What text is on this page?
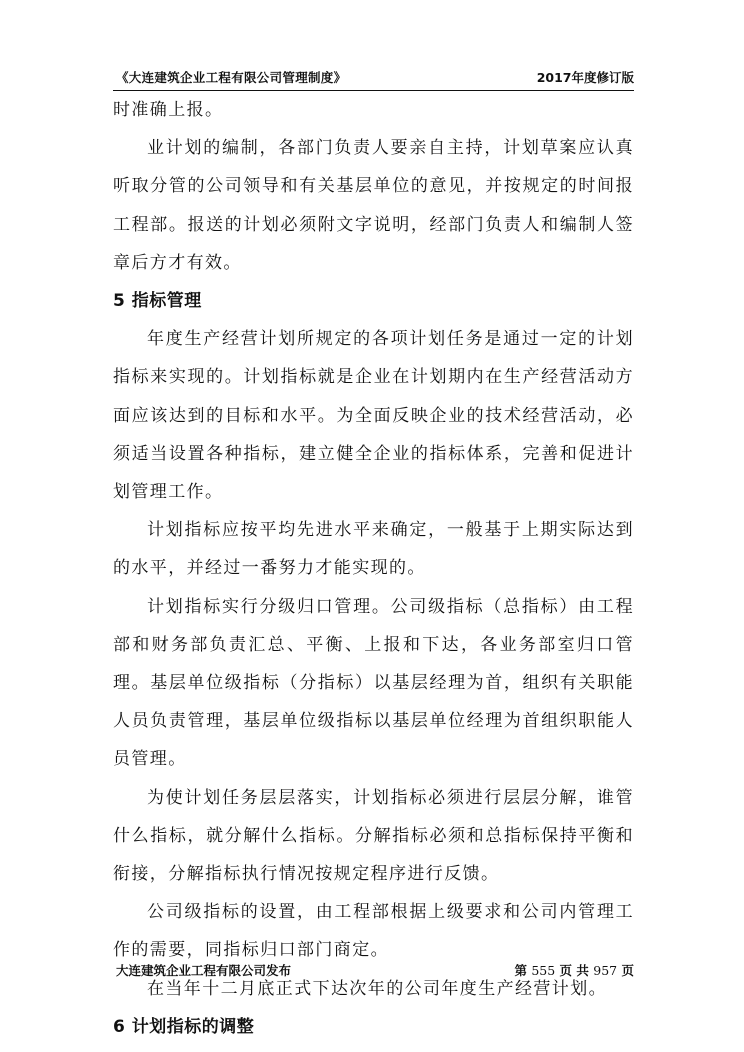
《大连建筑企业工程有限公司管理制度》	2017年度修订版

时准确上报。

业计划的编制，各部门负责人要亲自主持，计划草案应认真听取分管的公司领导和有关基层单位的意见，并按规定的时间报工程部。报送的计划必须附文字说明，经部门负责人和编制人签章后方才有效。

5 指标管理

年度生产经营计划所规定的各项计划任务是通过一定的计划指标来实现的。计划指标就是企业在计划期内在生产经营活动方面应该达到的目标和水平。为全面反映企业的技术经营活动，必须适当设置各种指标，建立健全企业的指标体系，完善和促进计划管理工作。

计划指标应按平均先进水平来确定，一般基于上期实际达到的水平，并经过一番努力才能实现的。

计划指标实行分级归口管理。公司级指标（总指标）由工程部和财务部负责汇总、平衡、上报和下达，各业务部室归口管理。基层单位级指标（分指标）以基层经理为首，组织有关职能人员负责管理，基层单位级指标以基层单位经理为首组织职能人员管理。

为使计划任务层层落实，计划指标必须进行层层分解，谁管什么指标，就分解什么指标。分解指标必须和总指标保持平衡和衔接，分解指标执行情况按规定程序进行反馈。

公司级指标的设置，由工程部根据上级要求和公司内管理工作的需要，同指标归口部门商定。

在当年十二月底正式下达次年的公司年度生产经营计划。

6 计划指标的调整
大连建筑企业工程有限公司发布	第 555 页 共 957 页
